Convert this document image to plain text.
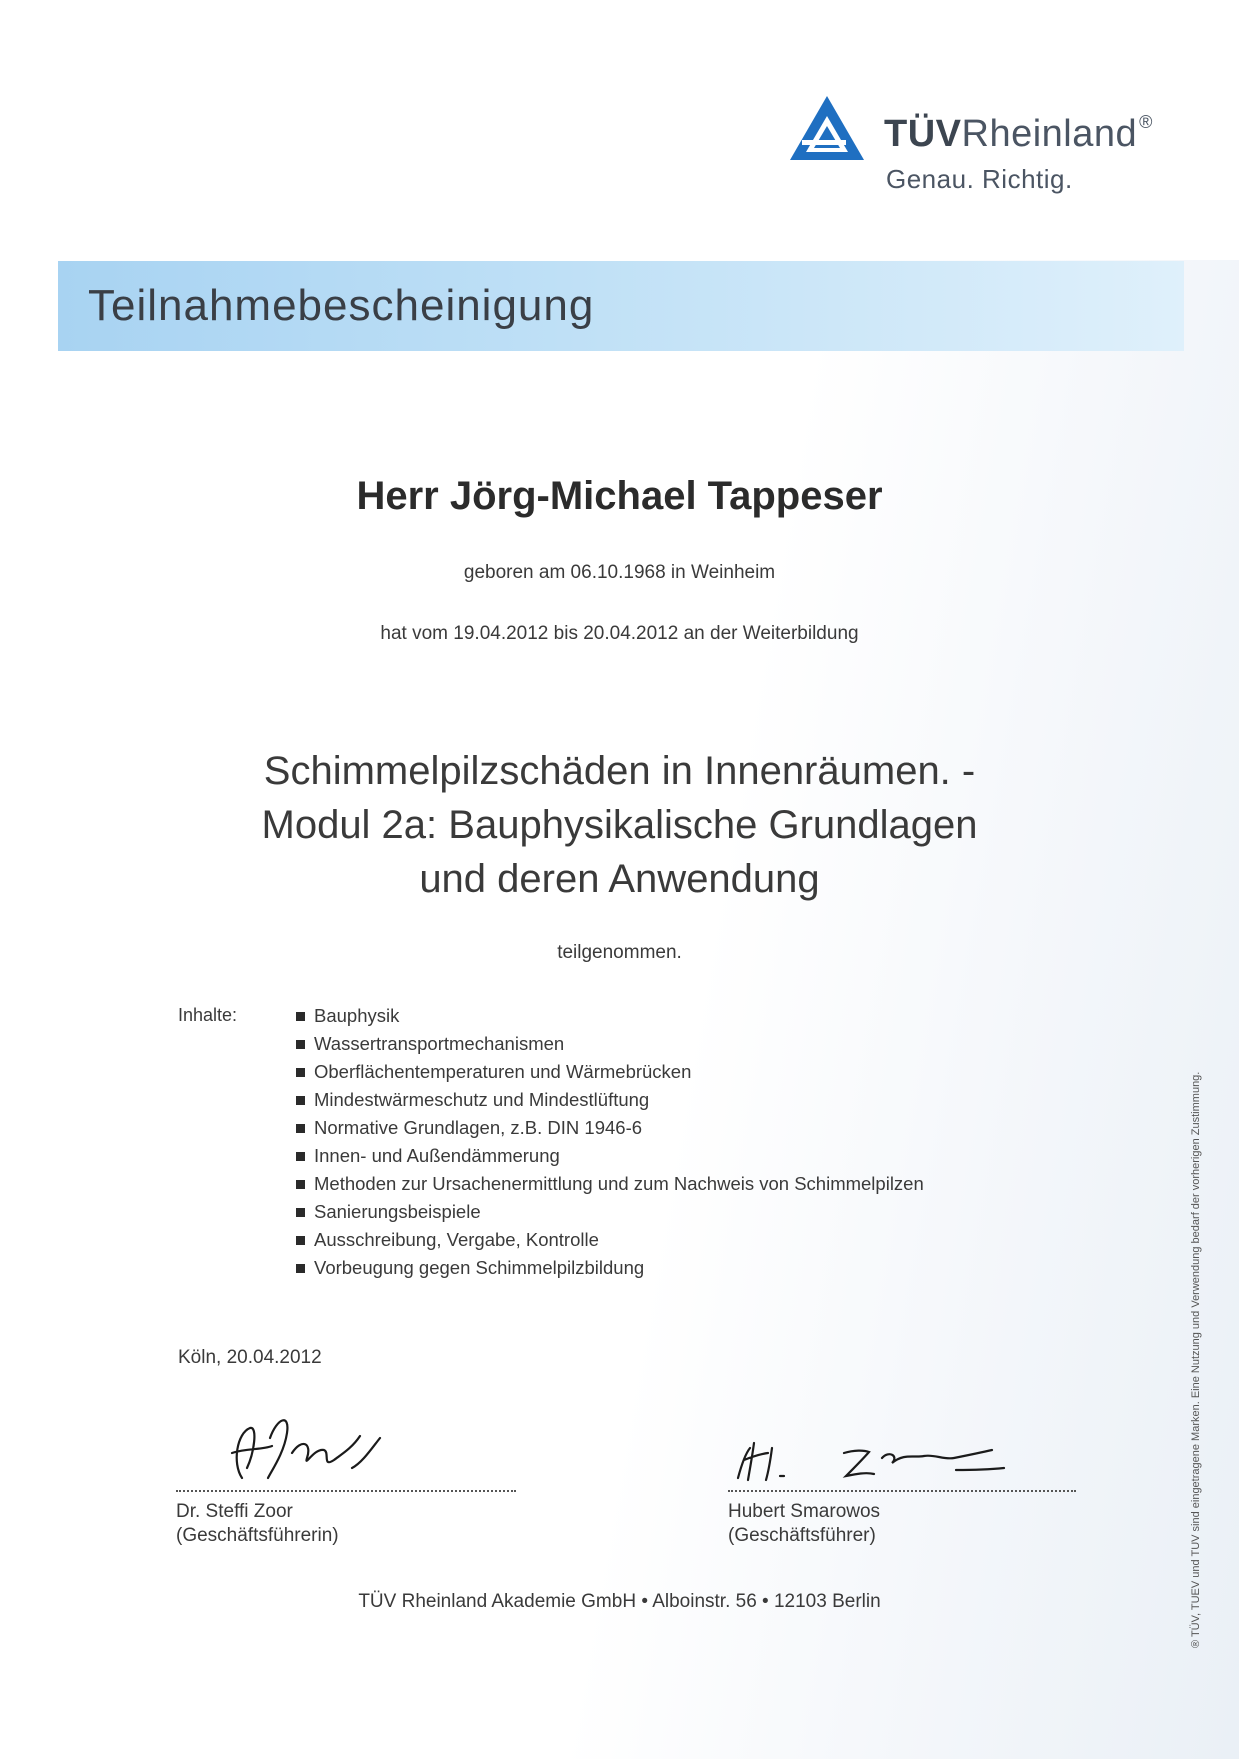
TÜVRheinland ®
Genau. Richtig.
Teilnahmebescheinigung
Herr Jörg-Michael Tappeser
geboren am 06.10.1968 in Weinheim
hat vom 19.04.2012 bis 20.04.2012 an der Weiterbildung
Schimmelpilzschäden in Innenräumen. -
Modul 2a: Bauphysikalische Grundlagen
und deren Anwendung
teilgenommen.
Inhalte:	Bauphysik
Wassertransportmechanismen
Oberflächentemperaturen und Wärmebrücken
Mindestwärmeschutz und Mindestlüftung
Normative Grundlagen, z.B. DIN 1946-6
Innen- und Außendämmerung
Methoden zur Ursachenermittlung und zum Nachweis von Schimmelpilzen
Sanierungsbeispiele
Ausschreibung, Vergabe, Kontrolle
Vorbeugung gegen Schimmelpilzbildung
Köln, 20.04.2012
Dr. Steffi Zoor
(Geschäftsführerin)
Hubert Smarowos
(Geschäftsführer)
TÜV Rheinland Akademie GmbH • Alboinstr. 56 • 12103 Berlin	® TÜV, TUEV und TUV sind eingetragene Marken. Eine Nutzung und Verwendung bedarf der vorherigen Zustimmung.
